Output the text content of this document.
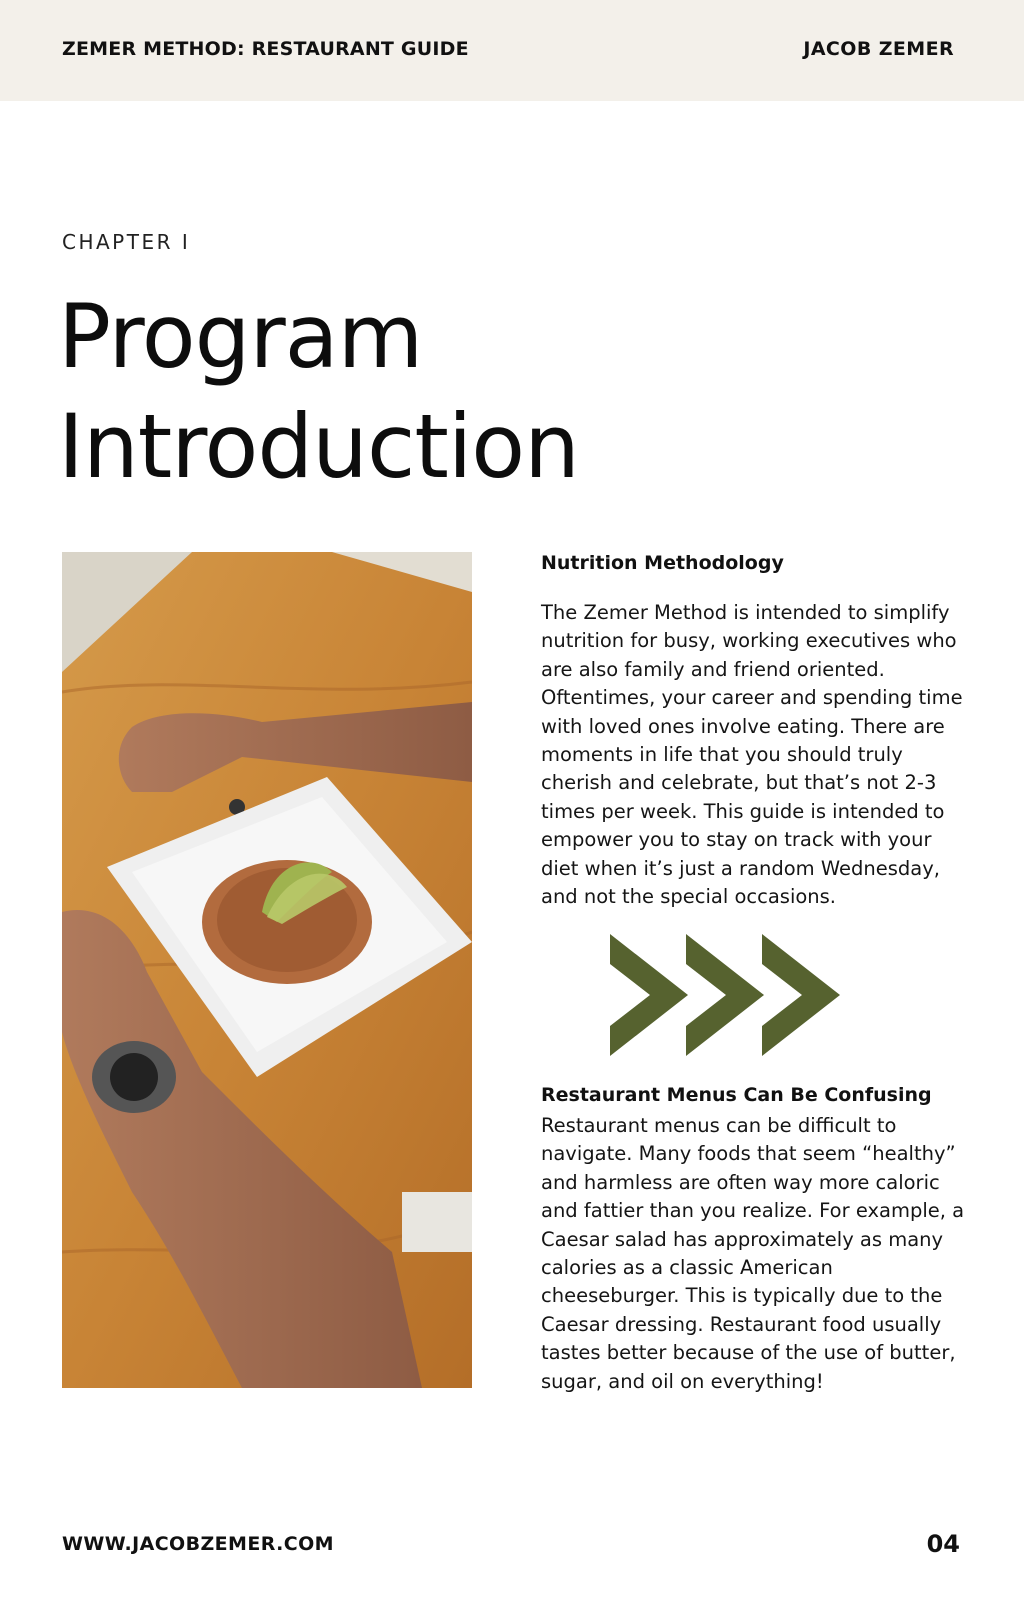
ZEMER METHOD: RESTAURANT GUIDE	JACOB ZEMER
CHAPTER I
Program
Introduction
Nutrition Methodology
The Zemer Method is intended to simplify nutrition for busy, working executives who are also family and friend oriented. Oftentimes, your career and spending time with loved ones involve eating. There are moments in life that you should truly cherish and celebrate, but that’s not 2-3 times per week. This guide is intended to empower you to stay on track with your diet when it’s just a random Wednesday, and not the special occasions.
Restaurant Menus Can Be Confusing
Restaurant menus can be difficult to navigate. Many foods that seem “healthy” and harmless are often way more caloric and fattier than you realize. For example, a Caesar salad has approximately as many calories as a classic American cheeseburger. This is typically due to the Caesar dressing. Restaurant food usually tastes better because of the use of butter, sugar, and oil on everything!
WWW.JACOBZEMER.COM	04
